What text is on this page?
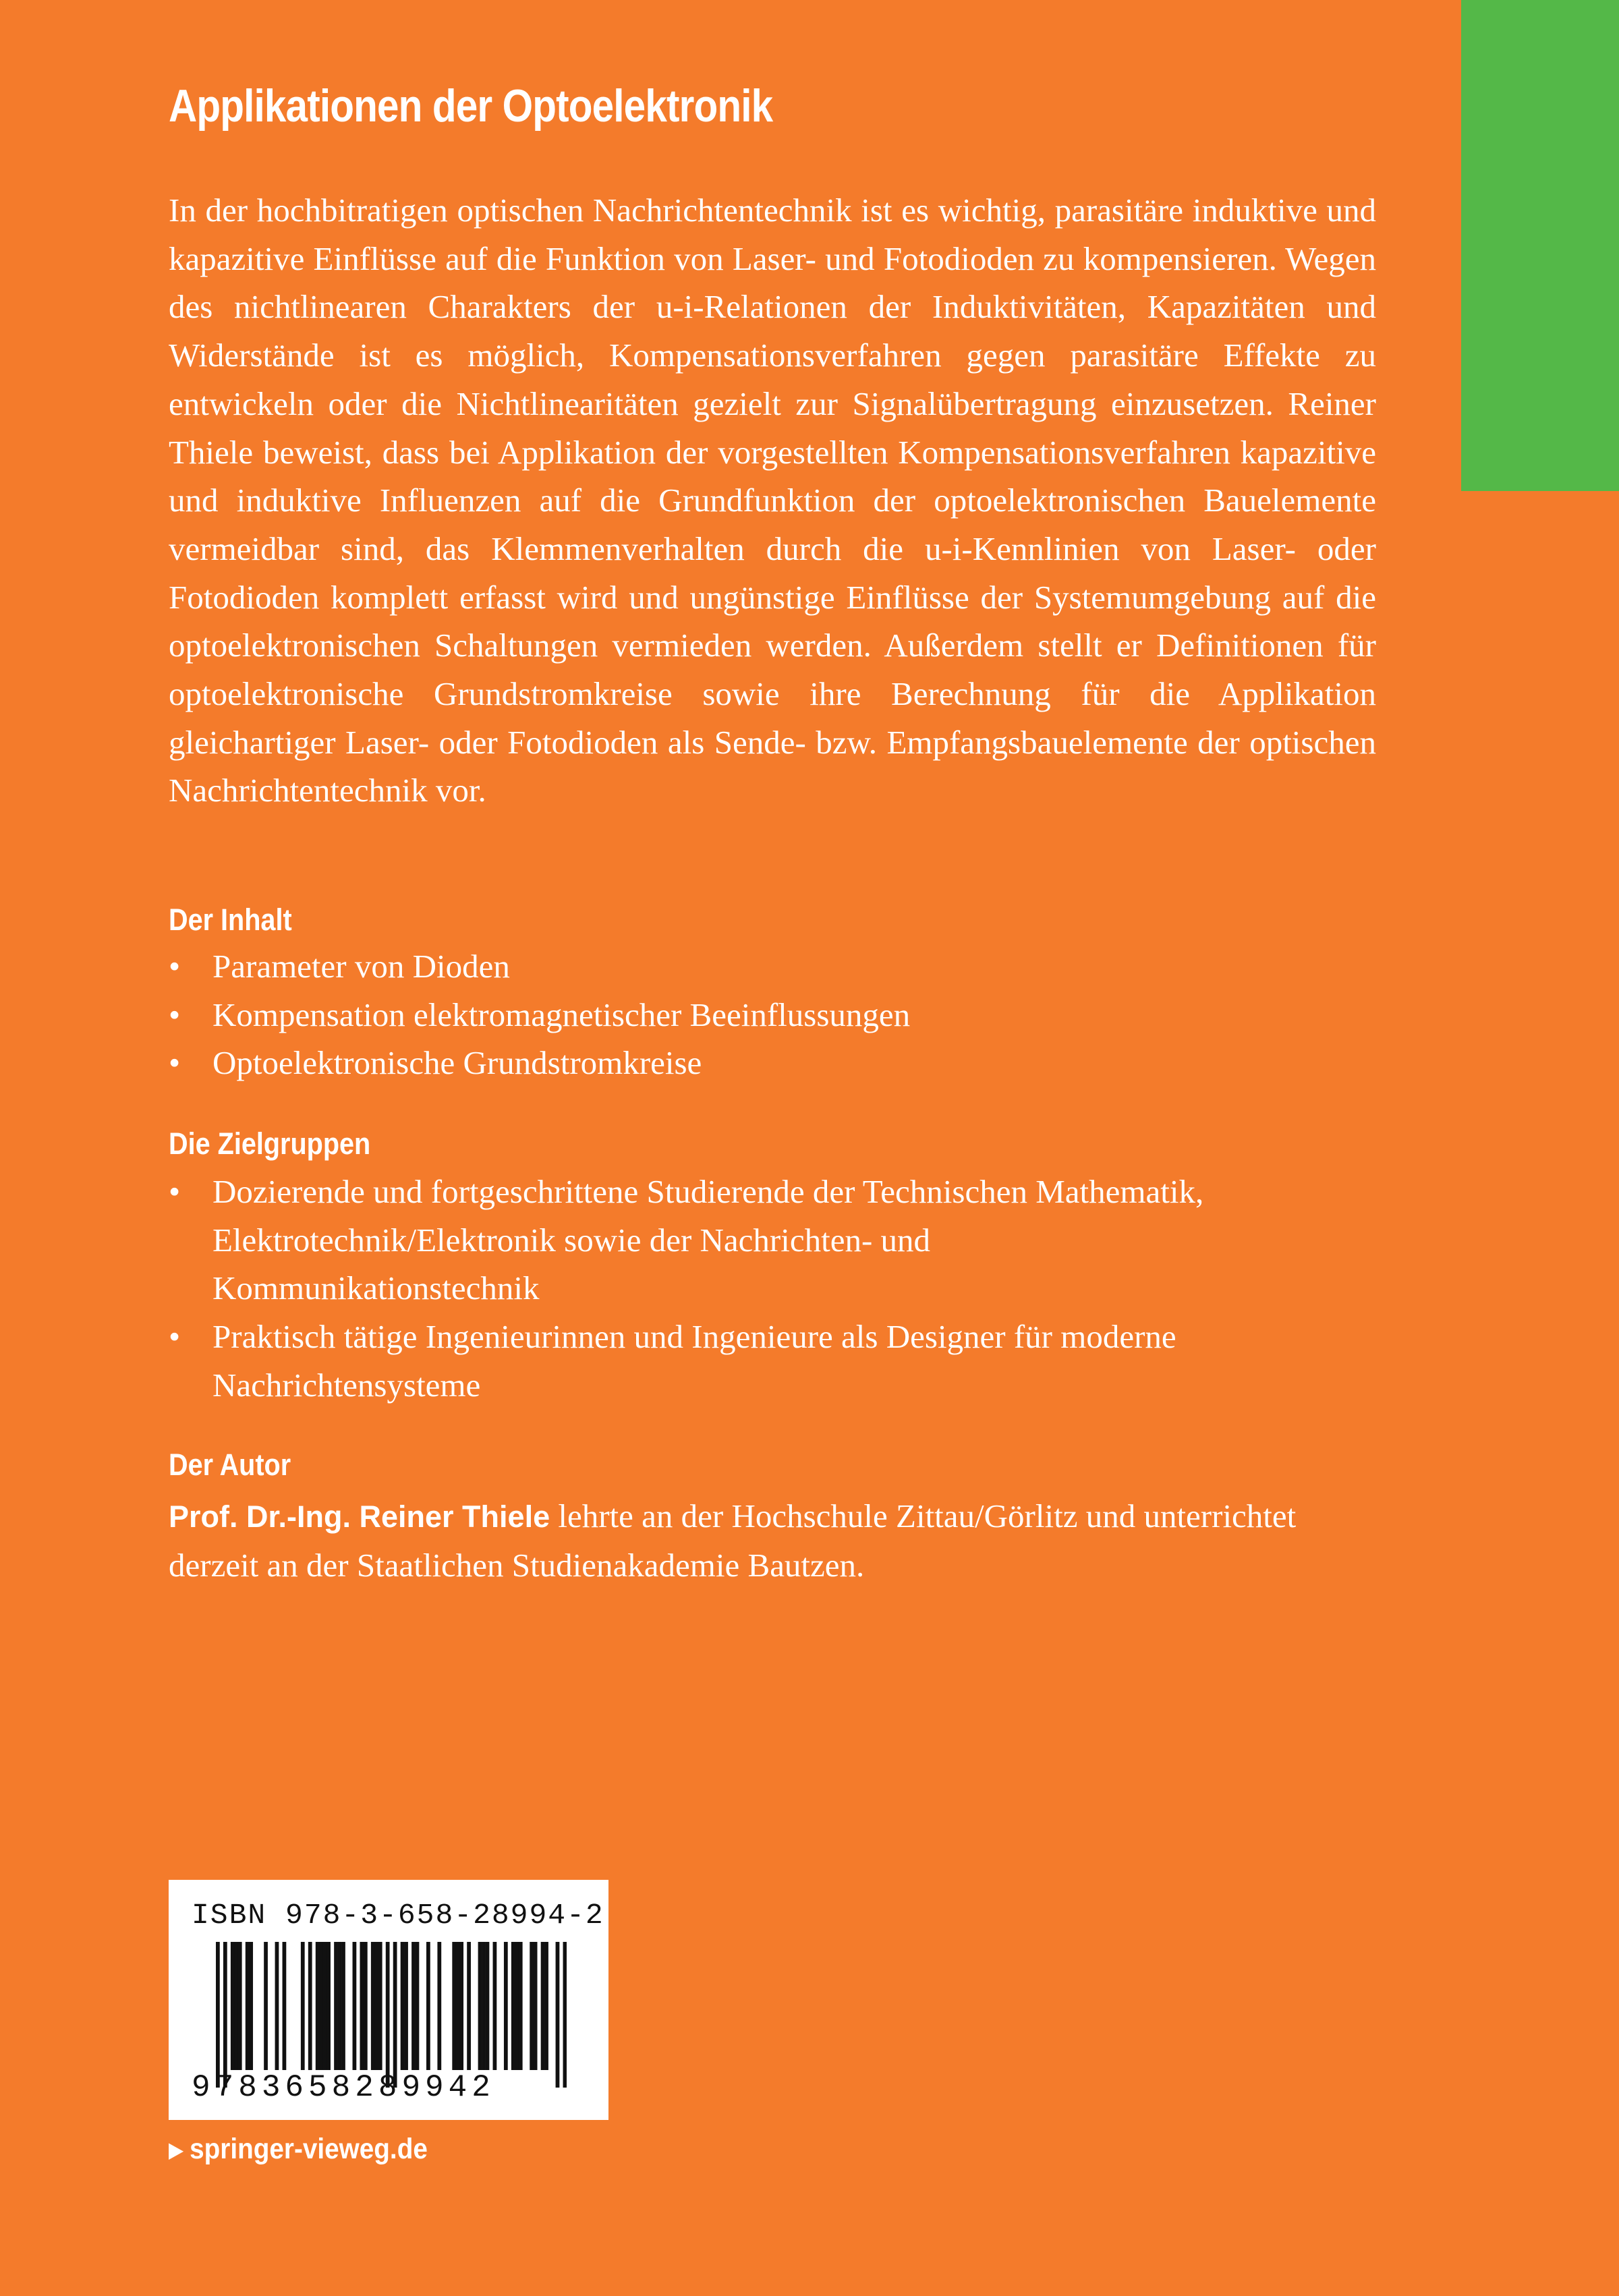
Applikationen der Optoelektronik

In der hochbitratigen optischen Nachrichtentechnik ist es wichtig, parasitäre induktive und kapazitive Einflüsse auf die Funktion von Laser- und Fotodioden zu kompensieren. Wegen des nichtlinearen Charakters der u-i-Relationen der Induktivitäten, Kapazitäten und Widerstände ist es möglich, Kompensationsverfahren gegen parasitäre Effekte zu entwickeln oder die Nichtlinearitäten gezielt zur Signalübertragung einzusetzen. Reiner Thiele beweist, dass bei Applikation der vorgestellten Kompensationsverfahren kapazitive und induktive Influenzen auf die Grundfunktion der optoelektronischen Bauelemente vermeidbar sind, das Klemmenverhalten durch die u-i-Kennlinien von Laser- oder Fotodioden komplett erfasst wird und ungünstige Einflüsse der Systemumgebung auf die optoelektronischen Schaltungen vermieden werden. Außerdem stellt er Definitionen für optoelektronische Grundstromkreise sowie ihre Berechnung für die Applikation gleichartiger Laser- oder Fotodioden als Sende- bzw. Empfangsbauelemente der optischen Nachrichtentechnik vor.

Der Inhalt
• Parameter von Dioden
• Kompensation elektromagnetischer Beeinflussungen
• Optoelektronische Grundstromkreise
Die Zielgruppen
• Dozierende und fortgeschrittene Studierende der Technischen Mathematik, Elektrotechnik/Elektronik sowie der Nachrichten- und Kommunikationstechnik
• Praktisch tätige Ingenieurinnen und Ingenieure als Designer für moderne Nachrichtensysteme
Der Autor

Prof. Dr.-Ing. Reiner Thiele lehrte an der Hochschule Zittau/Görlitz und unterrichtet derzeit an der Staatlichen Studienakademie Bautzen.

ISBN 978-3-658-28994-2
9783658289942
▶ springer-vieweg.de
